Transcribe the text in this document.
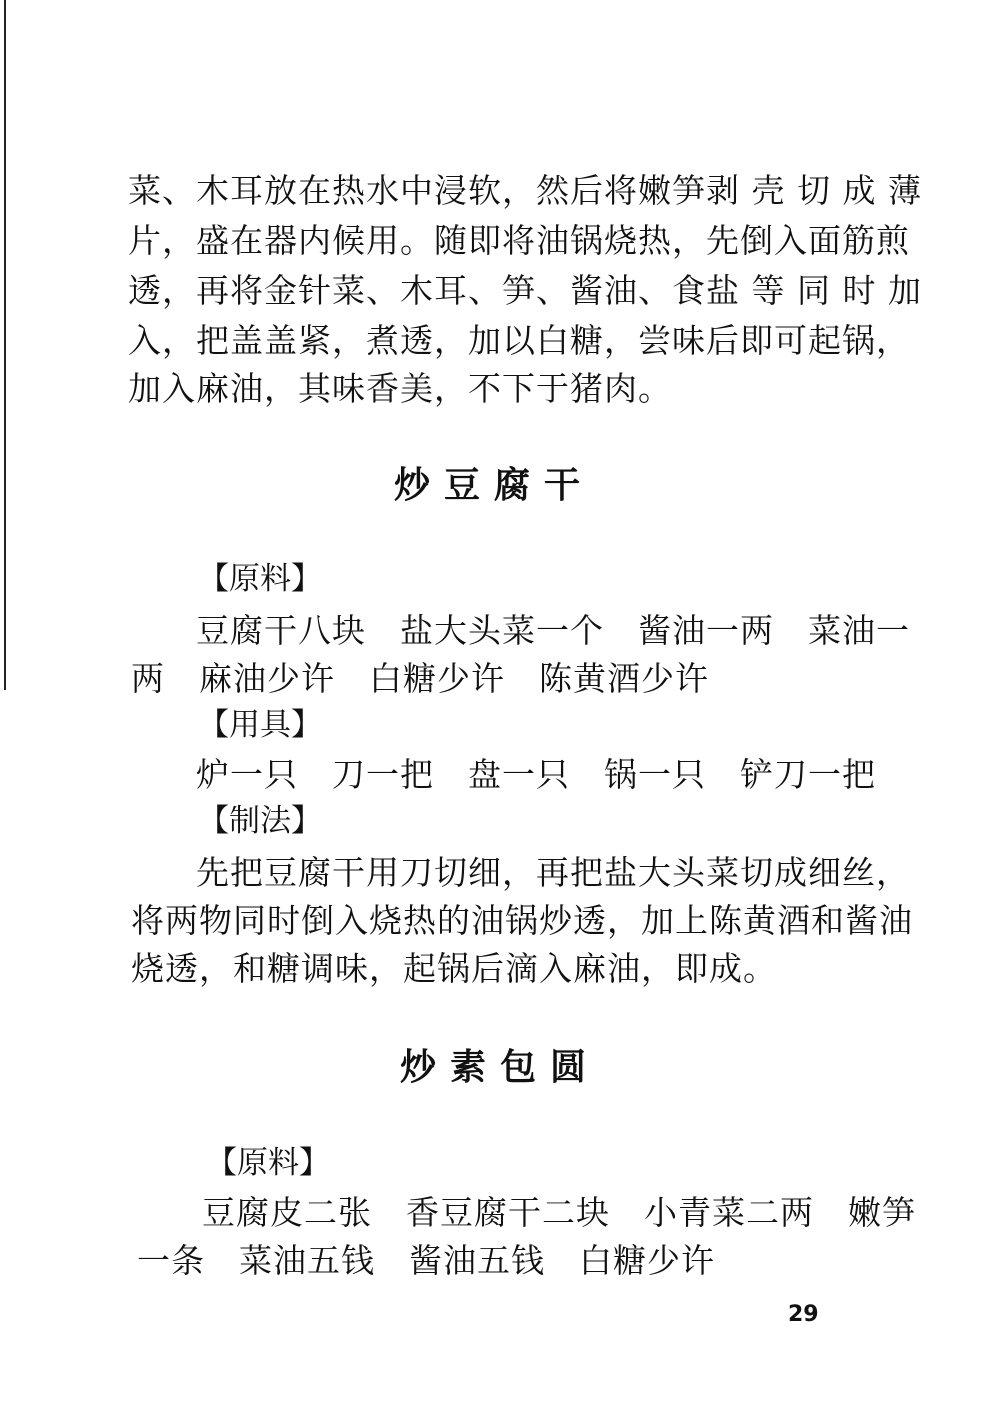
菜、木耳放在热水中浸软，然后将嫩笋剥 壳 切 成 薄
片，盛在器内候用。随即将油锅烧热，先倒入面筋煎
透，再将金针菜、木耳、笋、酱油、食盐 等 同 时 加
入，把盖盖紧，煮透，加以白糖，尝味后即可起锅，
加入麻油，其味香美，不下于猪肉。
炒豆腐干
【原料】
豆腐干八块　盐大头菜一个　酱油一两　菜油一
两　麻油少许　白糖少许　陈黄酒少许
【用具】
炉一只　刀一把　盘一只　锅一只　铲刀一把
【制法】
先把豆腐干用刀切细，再把盐大头菜切成细丝，
将两物同时倒入烧热的油锅炒透，加上陈黄酒和酱油
烧透，和糖调味，起锅后滴入麻油，即成。
炒素包圆
【原料】
豆腐皮二张　香豆腐干二块　小青菜二两　嫩笋
一条　菜油五钱　酱油五钱　白糖少许
29
